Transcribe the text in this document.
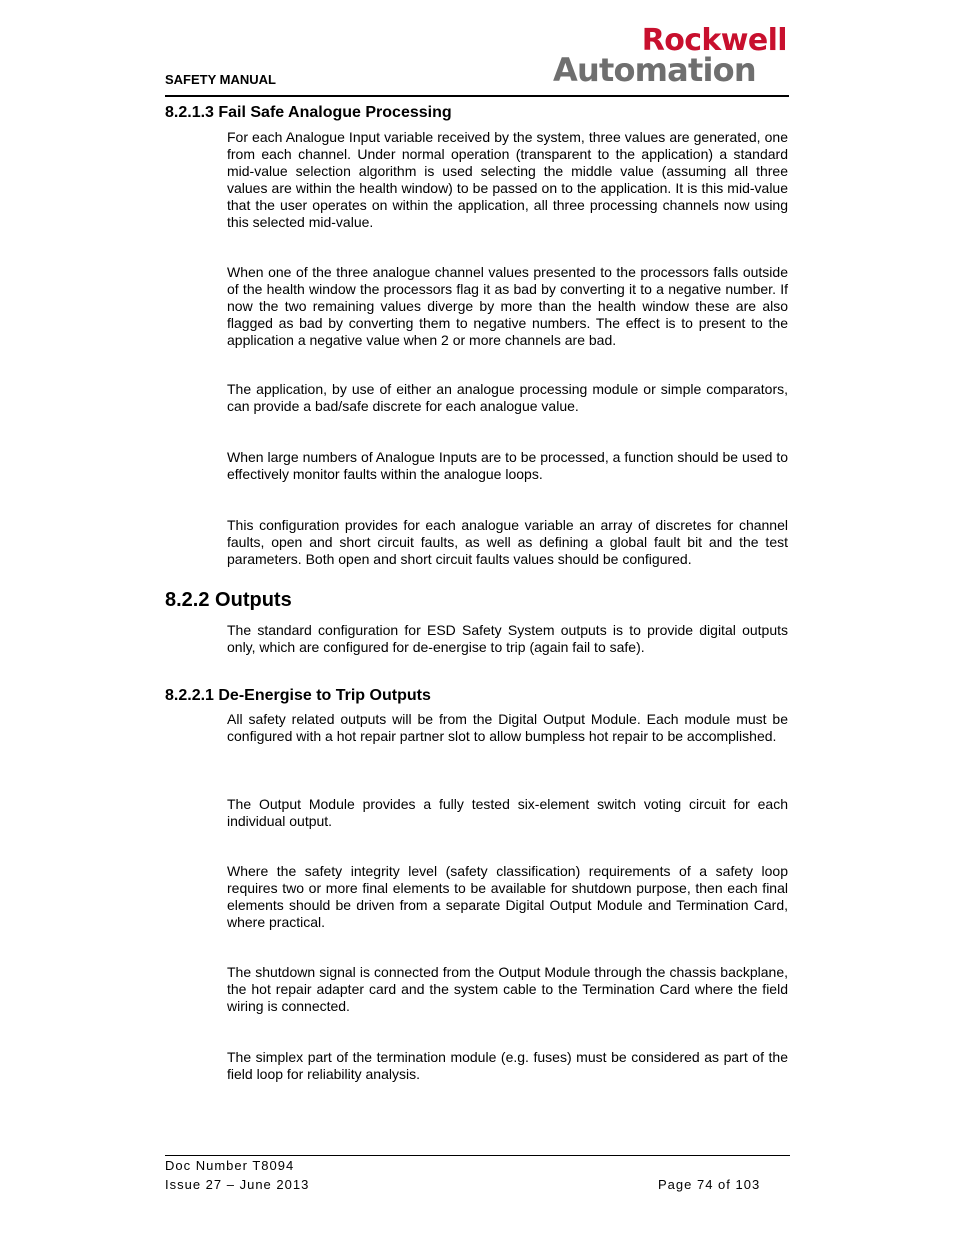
SAFETY MANUAL
Rockwell
Automation
8.2.1.3 Fail Safe Analogue Processing
For each Analogue Input variable received by the system, three values are generated, one from each channel. Under normal operation (transparent to the application) a standard mid-value selection algorithm is used selecting the middle value (assuming all three values are within the health window) to be passed on to the application. It is this mid-value that the user operates on within the application, all three processing channels now using this selected mid-value.
When one of the three analogue channel values presented to the processors falls outside of the health window the processors flag it as bad by converting it to a negative number. If now the two remaining values diverge by more than the health window these are also flagged as bad by converting them to negative numbers. The effect is to present to the application a negative value when 2 or more channels are bad.
The application, by use of either an analogue processing module or simple comparators, can provide a bad/safe discrete for each analogue value.
When large numbers of Analogue Inputs are to be processed, a function should be used to effectively monitor faults within the analogue loops.
This configuration provides for each analogue variable an array of discretes for channel faults, open and short circuit faults, as well as defining a global fault bit and the test parameters. Both open and short circuit faults values should be configured.
8.2.2 Outputs
The standard configuration for ESD Safety System outputs is to provide digital outputs only, which are configured for de-energise to trip (again fail to safe).
8.2.2.1 De-Energise to Trip Outputs
All safety related outputs will be from the Digital Output Module. Each module must be configured with a hot repair partner slot to allow bumpless hot repair to be accomplished.
The Output Module provides a fully tested six-element switch voting circuit for each individual output.
Where the safety integrity level (safety classification) requirements of a safety loop requires two or more final elements to be available for shutdown purpose, then each final elements should be driven from a separate Digital Output Module and Termination Card, where practical.
The shutdown signal is connected from the Output Module through the chassis backplane, the hot repair adapter card and the system cable to the Termination Card where the field wiring is connected.
The simplex part of the termination module (e.g. fuses) must be considered as part of the field loop for reliability analysis.
Doc Number T8094
Issue 27 – June 2013	Page 74 of 103
